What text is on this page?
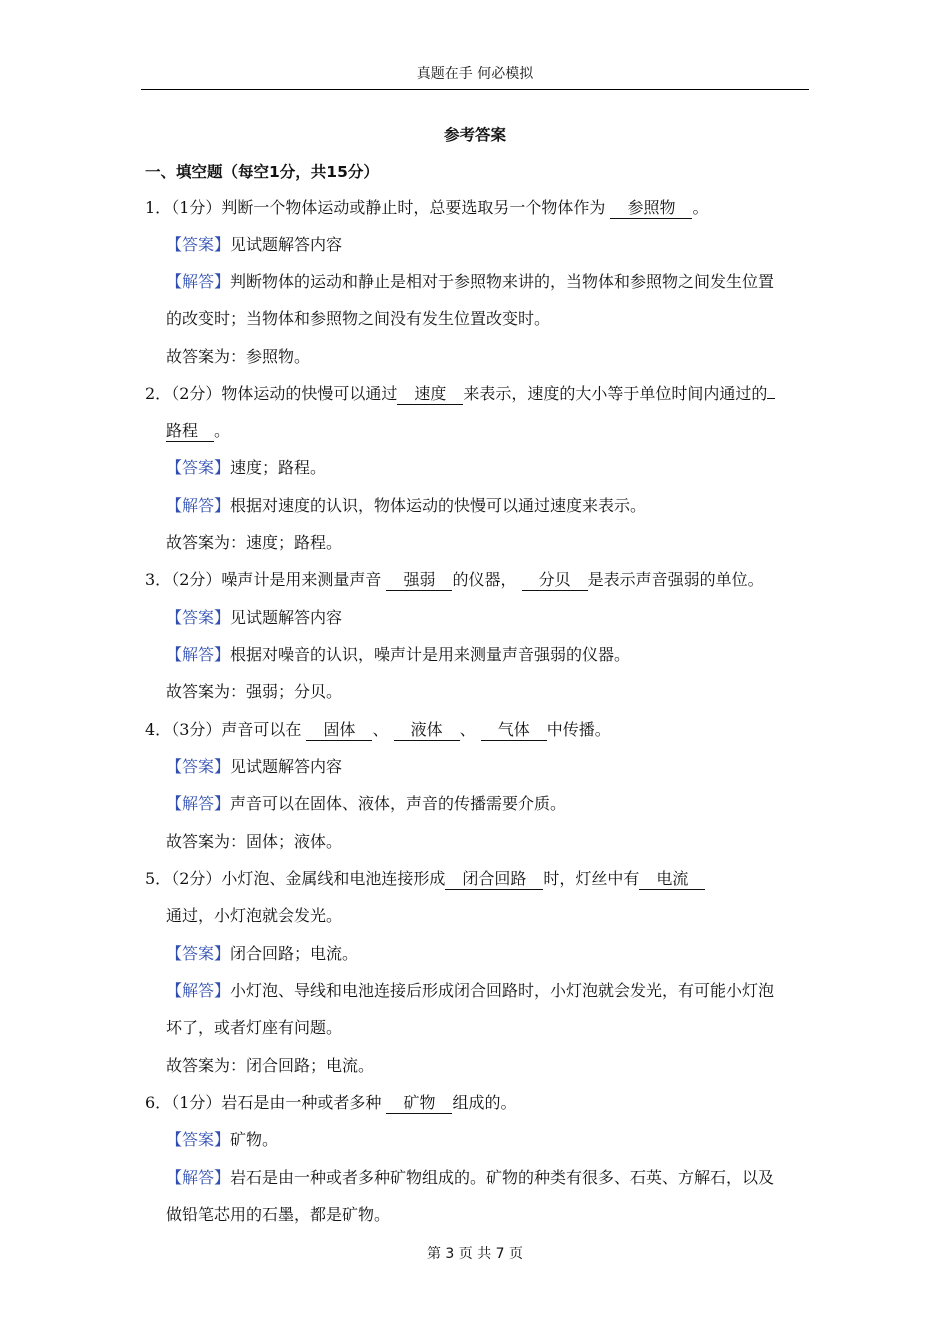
真题在手 何必模拟
参考答案
一、填空题（每空1分，共15分）
1．（1分）判断一个物体运动或静止时，总要选取另一个物体作为 参照物 。
【答案】见试题解答内容
【解答】判断物体的运动和静止是相对于参照物来讲的，当物体和参照物之间发生位置
的改变时；当物体和参照物之间没有发生位置改变时。
故答案为：参照物。
2．（2分）物体运动的快慢可以通过 速度 来表示，速度的大小等于单位时间内通过的
路程 。
【答案】速度；路程。
【解答】根据对速度的认识，物体运动的快慢可以通过速度来表示。
故答案为：速度；路程。
3．（2分）噪声计是用来测量声音 强弱 的仪器， 分贝 是表示声音强弱的单位。
【答案】见试题解答内容
【解答】根据对噪音的认识，噪声计是用来测量声音强弱的仪器。
故答案为：强弱；分贝。
4．（3分）声音可以在 固体 、 液体 、 气体 中传播。
【答案】见试题解答内容
【解答】声音可以在固体、液体，声音的传播需要介质。
故答案为：固体；液体。
5．（2分）小灯泡、金属线和电池连接形成 闭合回路 时，灯丝中有 电流
通过，小灯泡就会发光。
【答案】闭合回路；电流。
【解答】小灯泡、导线和电池连接后形成闭合回路时，小灯泡就会发光，有可能小灯泡
坏了，或者灯座有问题。
故答案为：闭合回路；电流。
6．（1分）岩石是由一种或者多种 矿物 组成的。
【答案】矿物。
【解答】岩石是由一种或者多种矿物组成的。矿物的种类有很多、石英、方解石，以及
做铅笔芯用的石墨，都是矿物。
第 3 页 共 7 页
